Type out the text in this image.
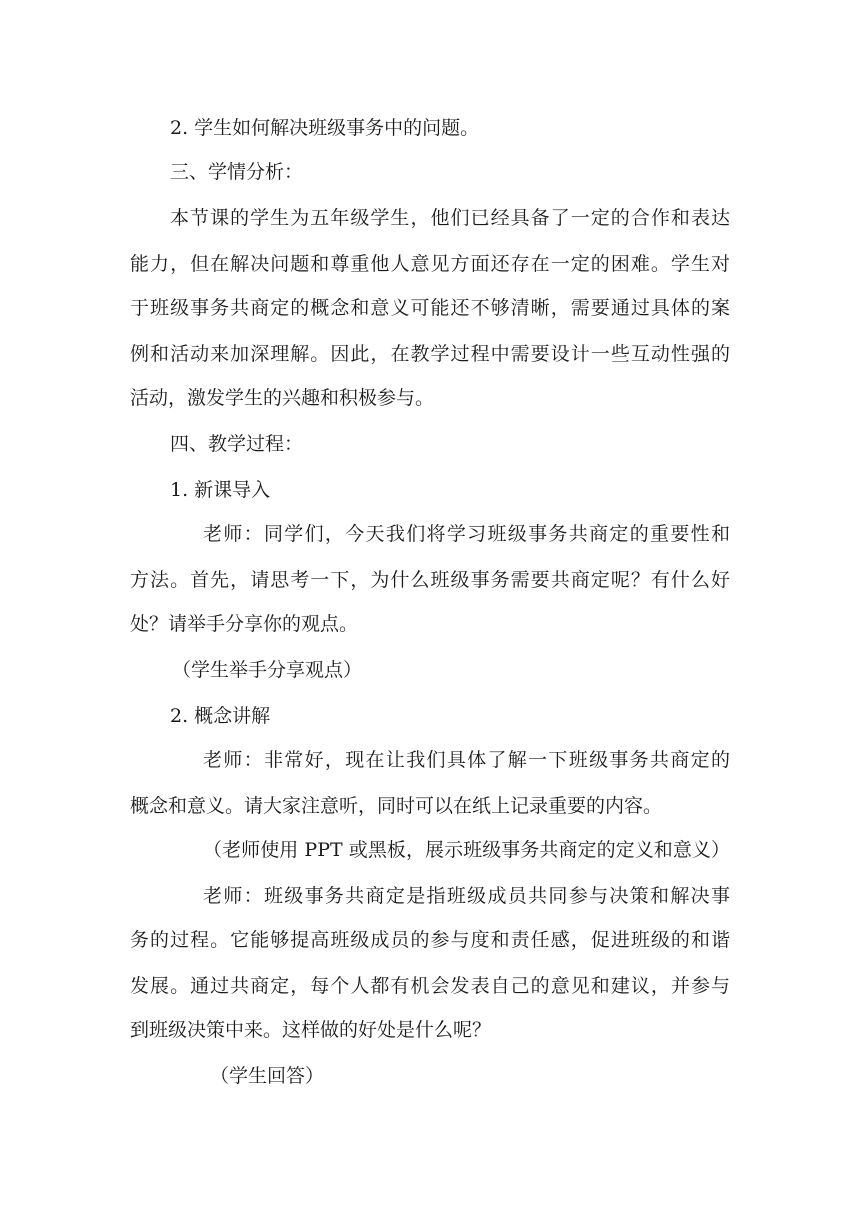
2. 学生如何解决班级事务中的问题。
三、学情分析：
本节课的学生为五年级学生，他们已经具备了一定的合作和表达
能力，但在解决问题和尊重他人意见方面还存在一定的困难。学生对
于班级事务共商定的概念和意义可能还不够清晰，需要通过具体的案
例和活动来加深理解。因此，在教学过程中需要设计一些互动性强的
活动，激发学生的兴趣和积极参与。
四、教学过程：
1. 新课导入
老师：同学们，今天我们将学习班级事务共商定的重要性和
方法。首先，请思考一下，为什么班级事务需要共商定呢？有什么好
处？请举手分享你的观点。
（学生举手分享观点）
2. 概念讲解
老师：非常好，现在让我们具体了解一下班级事务共商定的
概念和意义。请大家注意听，同时可以在纸上记录重要的内容。
（老师使用 PPT 或黑板，展示班级事务共商定的定义和意义）
老师：班级事务共商定是指班级成员共同参与决策和解决事
务的过程。它能够提高班级成员的参与度和责任感，促进班级的和谐
发展。通过共商定，每个人都有机会发表自己的意见和建议，并参与
到班级决策中来。这样做的好处是什么呢？
（学生回答）
